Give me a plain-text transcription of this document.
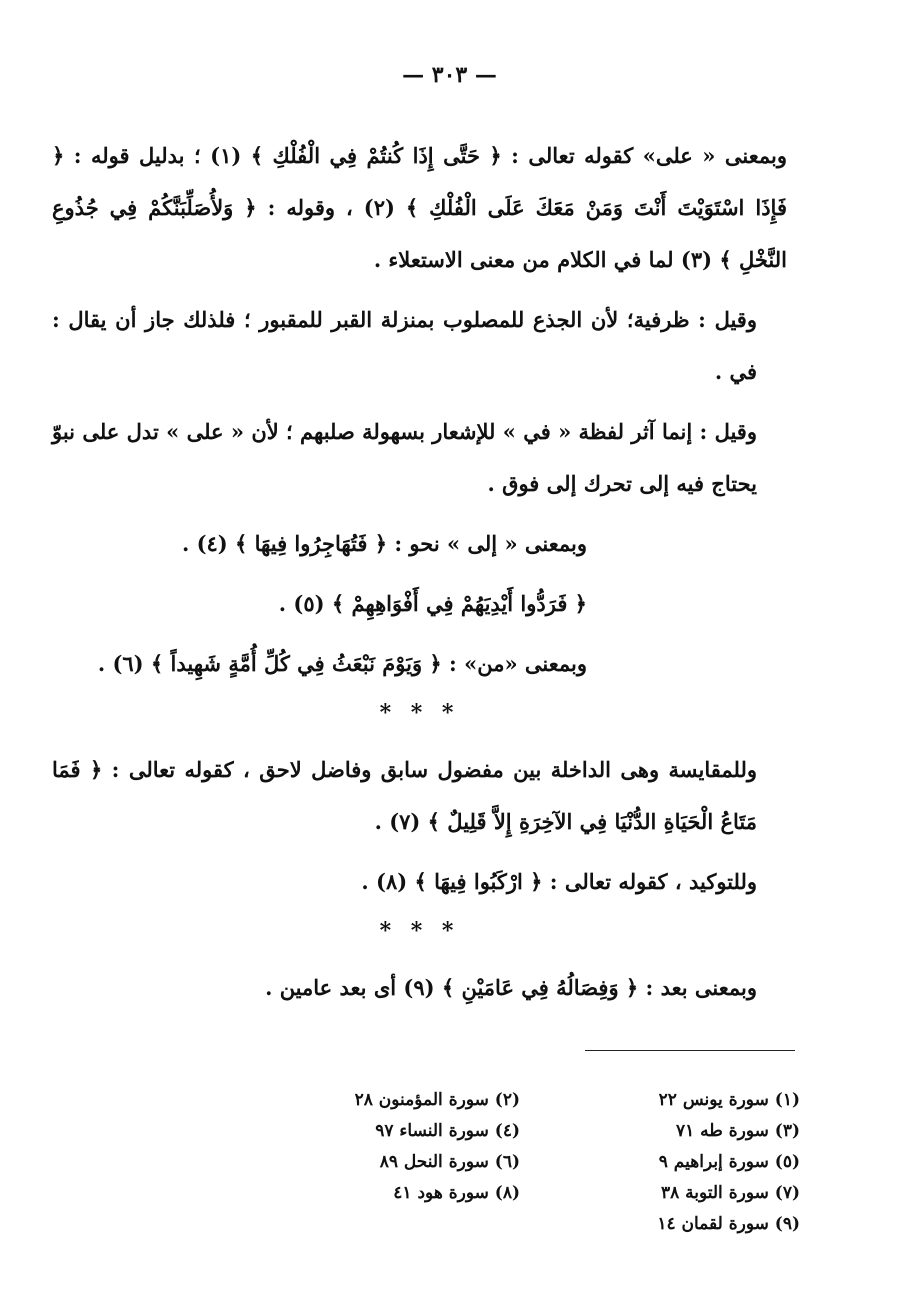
— ٣٠٣ —

وبمعنى « على» كقوله تعالى : ﴿ حَتَّى إِذَا كُنتُمْ فِي الْفُلْكِ ﴾ (١) ؛ بدليل قوله : ﴿ فَإِذَا اسْتَوَيْتَ أَنْتَ وَمَنْ مَعَكَ عَلَى الْفُلْكِ ﴾ (٢) ، وقوله : ﴿ وَلأُصَلِّبَنَّكُمْ فِي جُذُوعِ النَّخْلِ ﴾ (٣) لما في الكلام من معنى الاستعلاء .

وقيل : ظرفية؛ لأن الجذع للمصلوب بمنزلة القبر للمقبور ؛ فلذلك جاز أن يقال : في .

وقيل : إنما آثر لفظة « في » للإشعار بسهولة صلبهم ؛ لأن « على » تدل على نبوّ يحتاج فيه إلى تحرك إلى فوق .

وبمعنى « إلى » نحو : ﴿ فَتُهَاجِرُوا فِيهَا ﴾ (٤) .

﴿ فَرَدُّوا أَيْدِيَهُمْ فِي أَفْوَاهِهِمْ ﴾ (٥) .

وبمعنى «من» : ﴿ وَيَوْمَ نَبْعَثُ فِي كُلِّ أُمَّةٍ شَهِيداً ﴾ (٦) .

* * *

وللمقايسة وهى الداخلة بين مفضول سابق وفاضل لاحق ، كقوله تعالى : ﴿ فَمَا مَتَاعُ الْحَيَاةِ الدُّنْيَا فِي الآخِرَةِ إِلاَّ قَلِيلٌ ﴾ (٧) .

وللتوكيد ، كقوله تعالى : ﴿ ارْكَبُوا فِيهَا ﴾ (٨) .

* * *

وبمعنى بعد : ﴿ وَفِصَالُهُ فِي عَامَيْنِ ﴾ (٩) أى بعد عامين .

(١) سورة يونس ٢٢
(٢) سورة المؤمنون ٢٨
(٣) سورة طه ٧١
(٤) سورة النساء ٩٧
(٥) سورة إبراهيم ٩
(٦) سورة النحل ٨٩
(٧) سورة التوبة ٣٨
(٨) سورة هود ٤١
(٩) سورة لقمان ١٤
